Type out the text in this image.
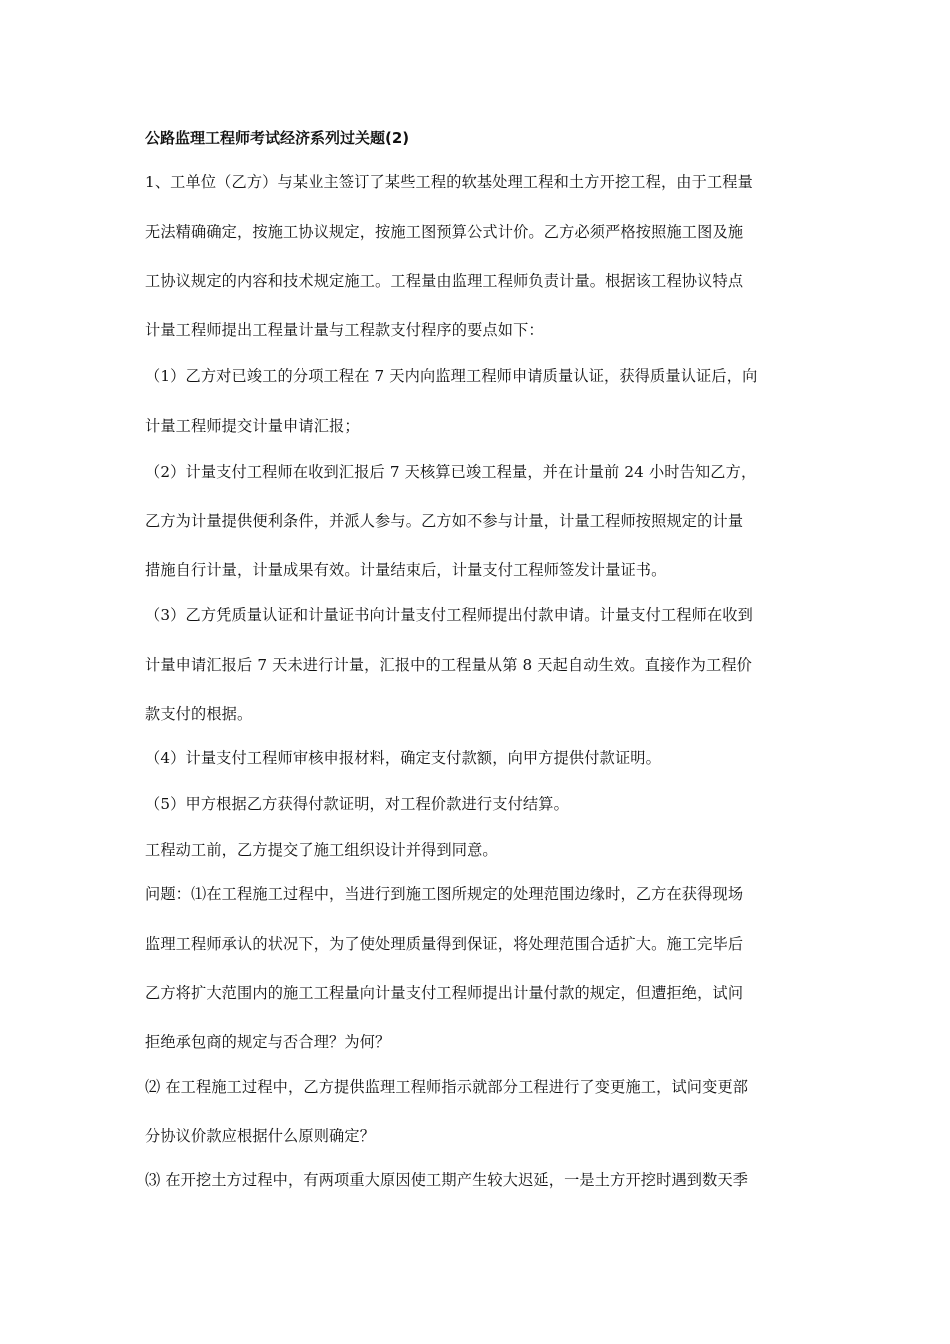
公路监理工程师考试经济系列过关题(2)
1、工单位（乙方）与某业主签订了某些工程的软基处理工程和土方开挖工程，由于工程量
无法精确确定，按施工协议规定，按施工图预算公式计价。乙方必须严格按照施工图及施
工协议规定的内容和技术规定施工。工程量由监理工程师负责计量。根据该工程协议特点
计量工程师提出工程量计量与工程款支付程序的要点如下：
（1）乙方对已竣工的分项工程在 7 天内向监理工程师申请质量认证，获得质量认证后，向
计量工程师提交计量申请汇报；
（2）计量支付工程师在收到汇报后 7 天核算已竣工程量，并在计量前 24 小时告知乙方，
乙方为计量提供便利条件，并派人参与。乙方如不参与计量，计量工程师按照规定的计量
措施自行计量，计量成果有效。计量结束后，计量支付工程师签发计量证书。
（3）乙方凭质量认证和计量证书向计量支付工程师提出付款申请。计量支付工程师在收到
计量申请汇报后 7 天未进行计量，汇报中的工程量从第 8 天起自动生效。直接作为工程价
款支付的根据。
（4）计量支付工程师审核申报材料，确定支付款额，向甲方提供付款证明。
（5）甲方根据乙方获得付款证明，对工程价款进行支付结算。
工程动工前，乙方提交了施工组织设计并得到同意。
问题：⑴在工程施工过程中，当进行到施工图所规定的处理范围边缘时，乙方在获得现场
监理工程师承认的状况下，为了使处理质量得到保证，将处理范围合适扩大。施工完毕后
乙方将扩大范围内的施工工程量向计量支付工程师提出计量付款的规定，但遭拒绝，试问
拒绝承包商的规定与否合理？为何？
⑵ 在工程施工过程中，乙方提供监理工程师指示就部分工程进行了变更施工，试问变更部
分协议价款应根据什么原则确定？
⑶ 在开挖土方过程中，有两项重大原因使工期产生较大迟延，一是土方开挖时遇到数天季
